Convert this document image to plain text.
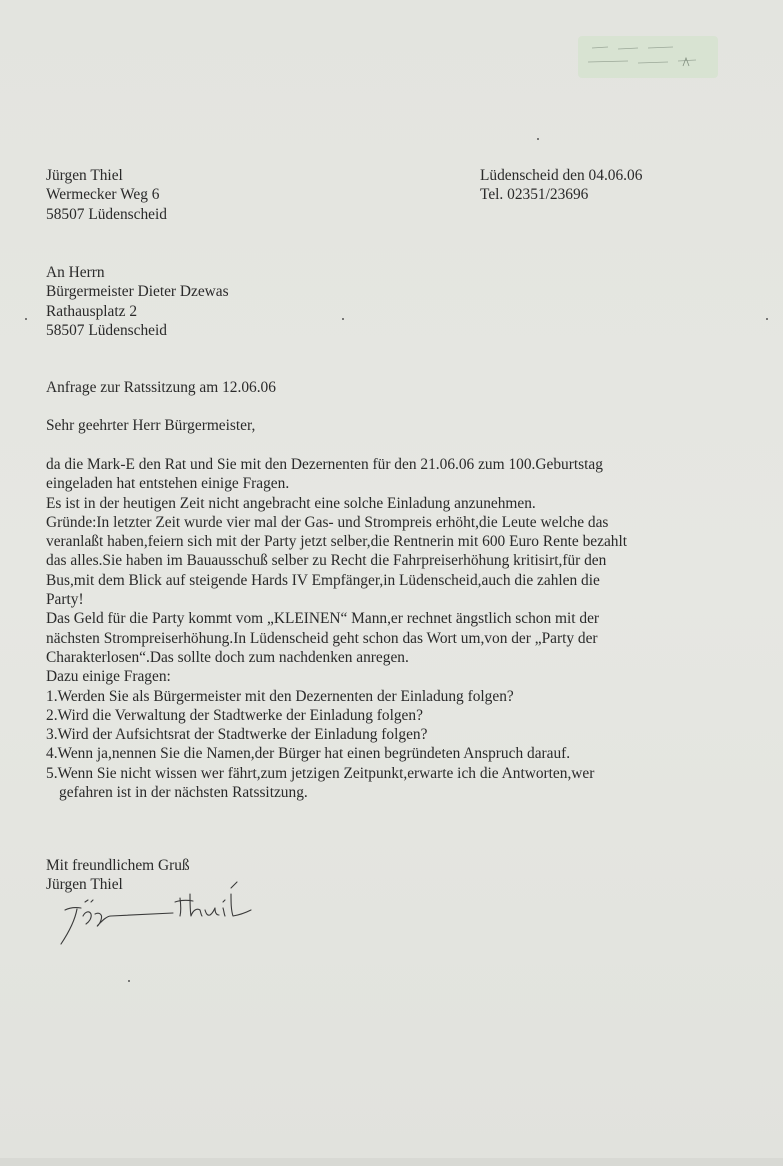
Jürgen Thiel
Wermecker Weg 6
58507 Lüdenscheid
Lüdenscheid den 04.06.06
Tel. 02351/23696
An Herrn
Bürgermeister Dieter Dzewas
Rathausplatz 2
58507 Lüdenscheid
Anfrage zur Ratssitzung am 12.06.06
Sehr geehrter Herr Bürgermeister,
da die Mark-E den Rat und Sie mit den Dezernenten für den 21.06.06 zum 100.Geburtstag
eingeladen hat entstehen einige Fragen.
Es ist in der heutigen Zeit nicht angebracht eine solche Einladung anzunehmen.
Gründe:In letzter Zeit wurde vier mal der Gas- und Strompreis erhöht,die Leute welche das
veranlaßt haben,feiern sich mit der Party jetzt selber,die Rentnerin mit 600 Euro Rente bezahlt
das alles.Sie haben im Bauausschuß selber zu Recht die Fahrpreiserhöhung kritisirt,für den
Bus,mit dem Blick auf steigende Hards IV Empfänger,in Lüdenscheid,auch die zahlen die
Party!
Das Geld für die Party kommt vom „KLEINEN“ Mann,er rechnet ängstlich schon mit der
nächsten Strompreiserhöhung.In Lüdenscheid geht schon das Wort um,von der „Party der
Charakterlosen“.Das sollte doch zum nachdenken anregen.
Dazu einige Fragen:
1.Werden Sie als Bürgermeister mit den Dezernenten der Einladung folgen?
2.Wird die Verwaltung der Stadtwerke der Einladung folgen?
3.Wird der Aufsichtsrat der Stadtwerke der Einladung folgen?
4.Wenn ja,nennen Sie die Namen,der Bürger hat einen begründeten Anspruch darauf.
5.Wenn Sie nicht wissen wer fährt,zum jetzigen Zeitpunkt,erwarte ich die Antworten,wer
gefahren ist in der nächsten Ratssitzung.
Mit freundlichem Gruß
Jürgen Thiel
